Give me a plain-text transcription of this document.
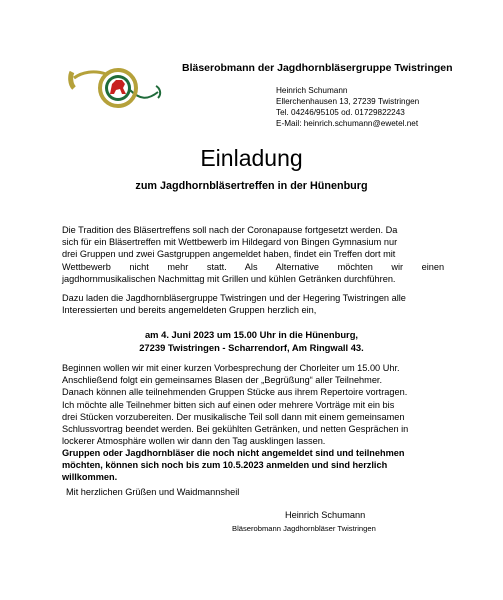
Bläserobmann der Jagdhornbläsergruppe Twistringen
Heinrich Schumann
Ellerchenhausen 13, 27239 Twistringen
Tel. 04246/95105 od. 01729822243
E-Mail: heinrich.schumann@ewetel.net
Einladung
zum Jagdhornbläsertreffen in der Hünenburg
Die Tradition des Bläsertreffens soll nach der Coronapause fortgesetzt werden. Da
sich für ein Bläsertreffen mit Wettbewerb im Hildegard von Bingen Gymnasium nur
drei Gruppen und zwei Gastgruppen angemeldet haben, findet ein Treffen dort mit
Wettbewerb nicht mehr statt. Als Alternative möchten wir einen
jagdhornmusikalischen Nachmittag mit Grillen und kühlen Getränken durchführen.
Dazu laden die Jagdhornbläsergruppe Twistringen und der Hegering Twistringen alle
Interessierten und bereits angemeldeten Gruppen herzlich ein,
am 4. Juni 2023 um 15.00 Uhr in die Hünenburg,
27239 Twistringen - Scharrendorf, Am Ringwall 43.
Beginnen wollen wir mit einer kurzen Vorbesprechung der Chorleiter um 15.00 Uhr.
Anschließend folgt ein gemeinsames Blasen der „Begrüßung“ aller Teilnehmer.
Danach können alle teilnehmenden Gruppen Stücke aus ihrem Repertoire vortragen.
Ich möchte alle Teilnehmer bitten sich auf einen oder mehrere Vorträge mit ein bis
drei Stücken vorzubereiten. Der musikalische Teil soll dann mit einem gemeinsamen
Schlussvortrag beendet werden. Bei gekühlten Getränken, und netten Gesprächen in
lockerer Atmosphäre wollen wir dann den Tag ausklingen lassen.
Gruppen oder Jagdhornbläser die noch nicht angemeldet sind und teilnehmen
möchten, können sich noch bis zum 10.5.2023 anmelden und sind herzlich
willkommen.
Mit herzlichen Grüßen und Waidmannsheil
Heinrich Schumann
Bläserobmann Jagdhornbläser Twistringen
